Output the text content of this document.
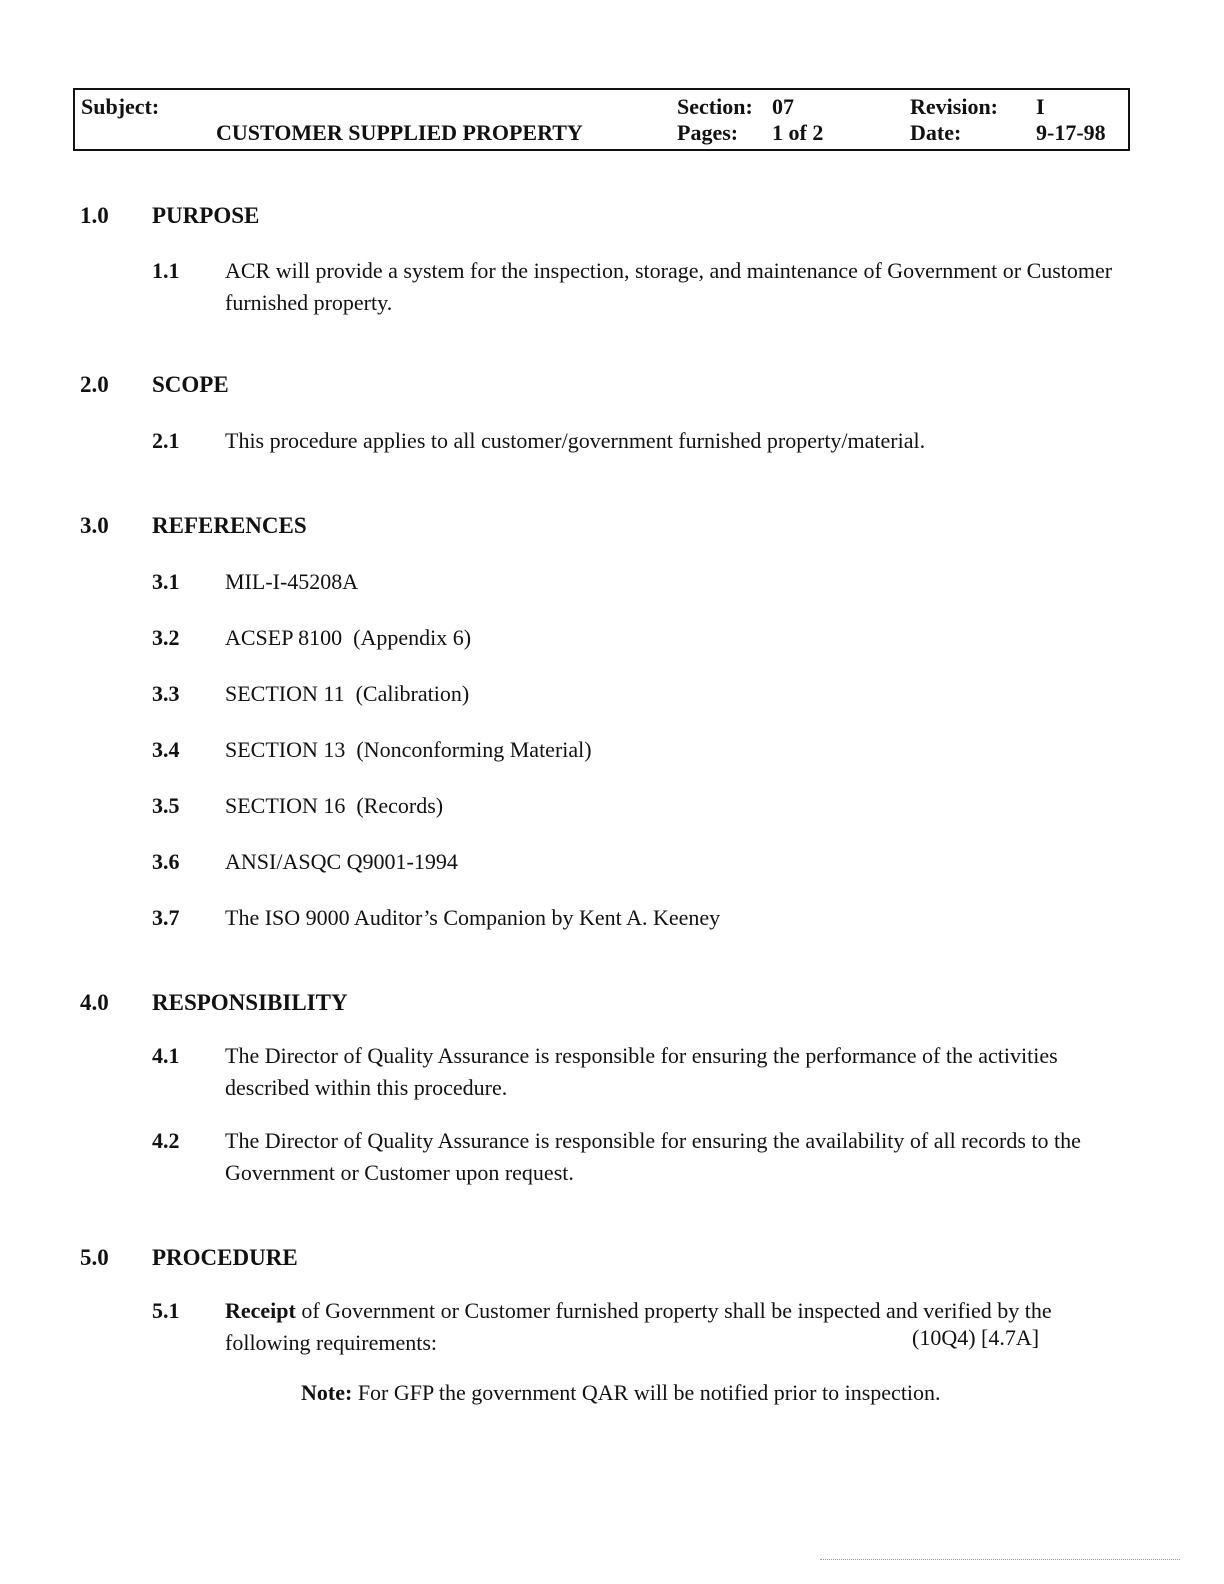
Subject:
CUSTOMER SUPPLIED PROPERTY
Section: 07
Pages: 1 of 2
Revision: I
Date:	9-17-98
1.0 PURPOSE
1.1 ACR will provide a system for the inspection, storage, and maintenance of Government or Customer furnished property.
2.0 SCOPE
2.1 This procedure applies to all customer/government furnished property/material.
3.0 REFERENCES
3.1 MIL-I-45208A
3.2 ACSEP 8100  (Appendix 6)
3.3 SECTION 11  (Calibration)
3.4 SECTION 13  (Nonconforming Material)
3.5 SECTION 16  (Records)
3.6 ANSI/ASQC Q9001-1994
3.7 The ISO 9000 Auditor’s Companion by Kent A. Keeney
4.0 RESPONSIBILITY
4.1 The Director of Quality Assurance is responsible for ensuring the performance of the activities described within this procedure.
4.2 The Director of Quality Assurance is responsible for ensuring the availability of all records to the Government or Customer upon request.
5.0 PROCEDURE
5.1 Receipt of Government or Customer furnished property shall be inspected and verified by the following requirements:	(10Q4) [4.7A]
Note: For GFP the government QAR will be notified prior to inspection.
